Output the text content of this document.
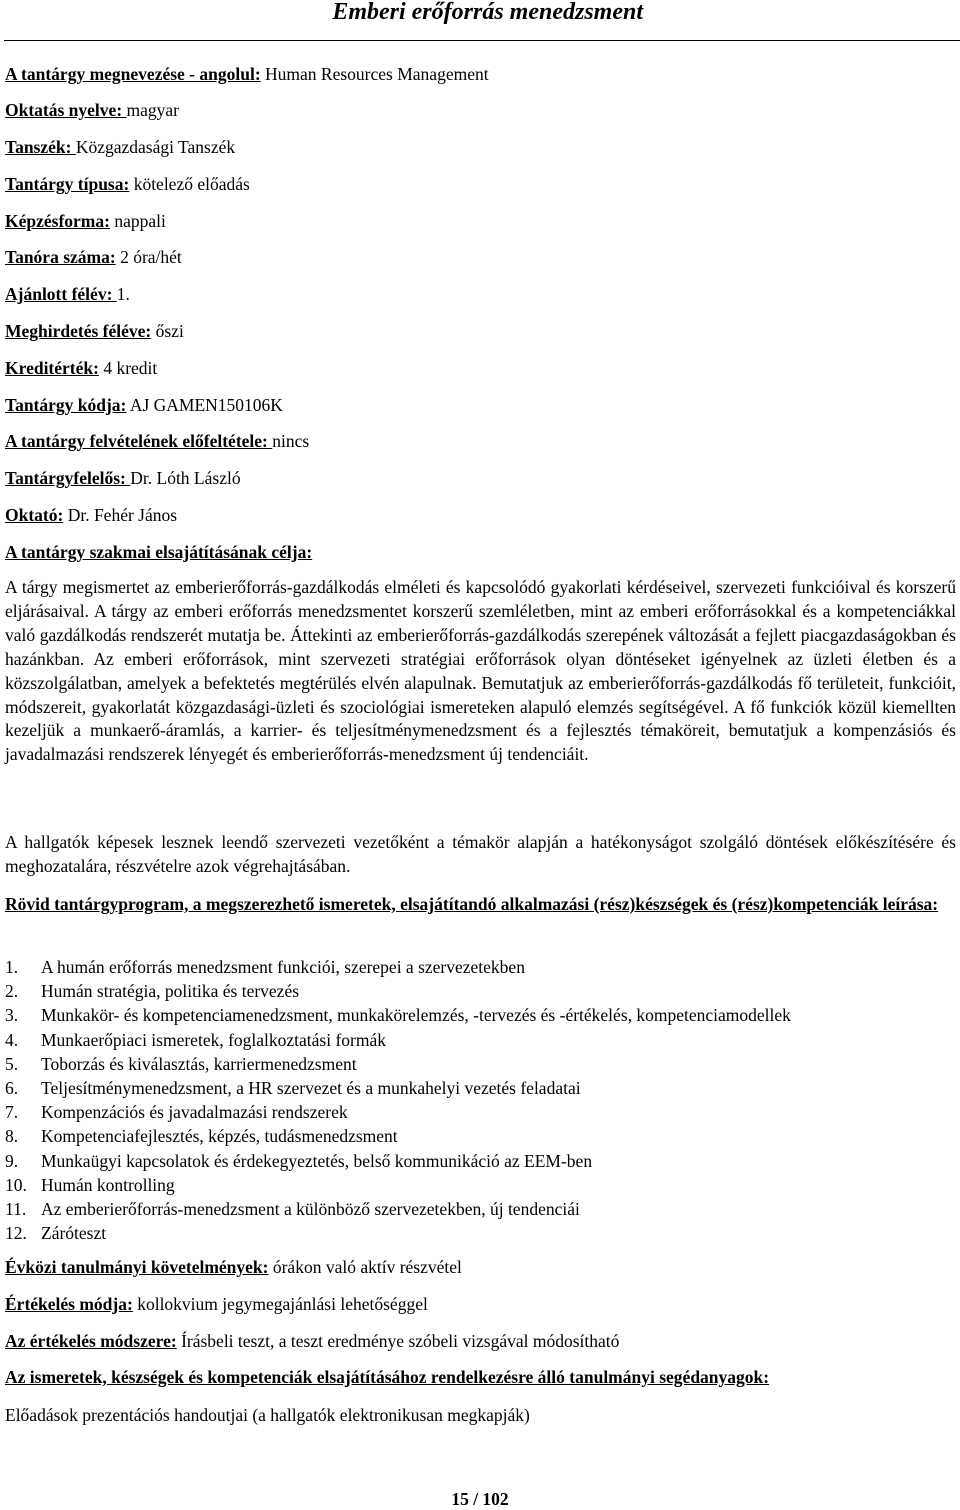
Emberi erőforrás menedzsment
A tantárgy megnevezése - angolul: Human Resources Management
Oktatás nyelve: magyar
Tanszék: Közgazdasági Tanszék
Tantárgy típusa: kötelező előadás
Képzésforma: nappali
Tanóra száma: 2 óra/hét
Ajánlott félév: 1.
Meghirdetés féléve: őszi
Kreditérték: 4 kredit
Tantárgy kódja: AJ GAMEN150106K
A tantárgy felvételének előfeltétele: nincs
Tantárgyfelelős: Dr. Lóth László
Oktató: Dr. Fehér János
A tantárgy szakmai elsajátításának célja:

A tárgy megismertet az emberierőforrás-gazdálkodás elméleti és kapcsolódó gyakorlati kérdéseivel, szervezeti funkcióival és korszerű eljárásaival. A tárgy az emberi erőforrás menedzsmentet korszerű szemléletben, mint az emberi erőforrásokkal és a kompetenciákkal való gazdálkodás rendszerét mutatja be. Áttekinti az emberierőforrás-gazdálkodás szerepének változását a fejlett piacgazdaságokban és hazánkban. Az emberi erőforrások, mint szervezeti stratégiai erőforrások olyan döntéseket igényelnek az üzleti életben és a közszolgálatban, amelyek a befektetés megtérülés elvén alapulnak. Bemutatjuk az emberierőforrás-gazdálkodás fő területeit, funkcióit, módszereit, gyakorlatát közgazdasági-üzleti és szociológiai ismereteken alapuló elemzés segítségével. A fő funkciók közül kiemellten kezeljük a munkaerő-áramlás, a karrier- és teljesítménymenedzsment és a fejlesztés témaköreit, bemutatjuk a kompenzásiós és javadalmazási rendszerek lényegét és emberierőforrás-menedzsment új tendenciáit.

A hallgatók képesek lesznek leendő szervezeti vezetőként a témakör alapján a hatékonyságot szolgáló döntések előkészítésére és meghozatalára, részvételre azok végrehajtásában.

Rövid tantárgyprogram, a megszerezhető ismeretek, elsajátítandó alkalmazási (rész)készségek és (rész)kompetenciák leírása:
1. A humán erőforrás menedzsment funkciói, szerepei a szervezetekben
2. Humán stratégia, politika és tervezés
3. Munkakör- és kompetenciamenedzsment, munkakörelemzés, -tervezés és -értékelés, kompetenciamodellek
4. Munkaerőpiaci ismeretek, foglalkoztatási formák
5. Toborzás és kiválasztás, karriermenedzsment
6. Teljesítménymenedzsment, a HR szervezet és a munkahelyi vezetés feladatai
7. Kompenzációs és javadalmazási rendszerek
8. Kompetenciafejlesztés, képzés, tudásmenedzsment
9. Munkaügyi kapcsolatok és érdekegyeztetés, belső kommunikáció az EEM-ben
10. Humán kontrolling
11. Az emberierőforrás-menedzsment a különböző szervezetekben, új tendenciái
12. Záróteszt
Évközi tanulmányi követelmények: órákon való aktív részvétel
Értékelés módja: kollokvium jegymegajánlási lehetőséggel
Az értékelés módszere: Írásbeli teszt, a teszt eredménye szóbeli vizsgával módosítható
Az ismeretek, készségek és kompetenciák elsajátításához rendelkezésre álló tanulmányi segédanyagok:
Előadások prezentációs handoutjai (a hallgatók elektronikusan megkapják)
15 / 102
